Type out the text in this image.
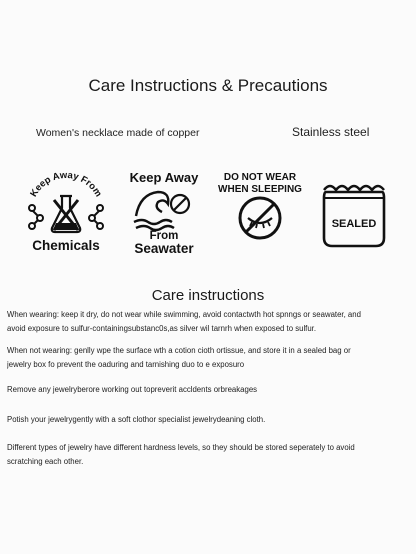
Care Instructions & Precautions
Women's necklace made of copper	Stainless steel
Keep Away From
Chemicals
Keep Away
From
Seawater
DO NOT WEAR
WHEN SLEEPING
SEALED
Care instructions
When wearing: keep it dry, do not wear while swimming, avoid contactwth hot spnngs or seawater, and
avoid exposure to sulfur-containingsubstanc0s,as silver wil tarnrh when exposed to sulfur.
When not wearing: genlly wpe the surface wth a cotion cioth ortissue, and store it in a sealed bag or
jewelry box fo prevent the oaduring and tarnishing duo to e exposuro
Remove any jewelryberore working out topreverit accldents orbreakages
Potish your jewelrygently with a soft clothor specialist jewelrydeaning cloth.
Different types of jewelry have different hardness levels, so they should be stored seperately to avoid
scratching each other.
